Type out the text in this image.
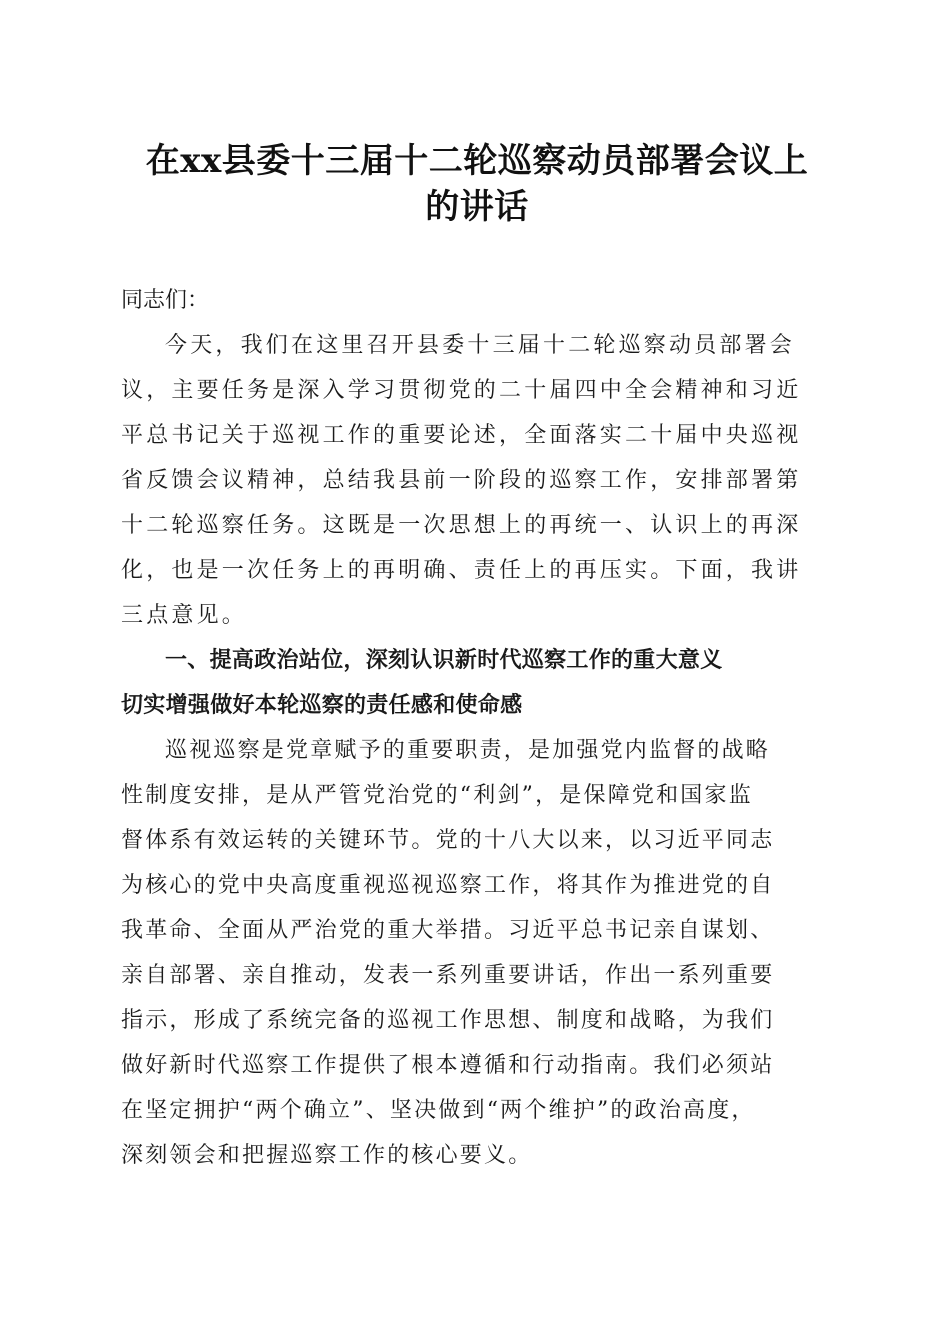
在xx县委十三届十二轮巡察动员部署会议上
的讲话

同志们：

今天，我们在这里召开县委十三届十二轮巡察动员部署会
议，主要任务是深入学习贯彻党的二十届四中全会精神和习近
平总书记关于巡视工作的重要论述，全面落实二十届中央巡视
省反馈会议精神，总结我县前一阶段的巡察工作，安排部署第
十二轮巡察任务。这既是一次思想上的再统一、认识上的再深
化，也是一次任务上的再明确、责任上的再压实。下面，我讲
三点意见。

一、提高政治站位，深刻认识新时代巡察工作的重大意义
切实增强做好本轮巡察的责任感和使命感

巡视巡察是党章赋予的重要职责，是加强党内监督的战略
性制度安排，是从严管党治党的“利剑”，是保障党和国家监
督体系有效运转的关键环节。党的十八大以来，以习近平同志
为核心的党中央高度重视巡视巡察工作，将其作为推进党的自
我革命、全面从严治党的重大举措。习近平总书记亲自谋划、
亲自部署、亲自推动，发表一系列重要讲话，作出一系列重要
指示，形成了系统完备的巡视工作思想、制度和战略，为我们
做好新时代巡察工作提供了根本遵循和行动指南。我们必须站
在坚定拥护“两个确立”、坚决做到“两个维护”的政治高度，
深刻领会和把握巡察工作的核心要义。
